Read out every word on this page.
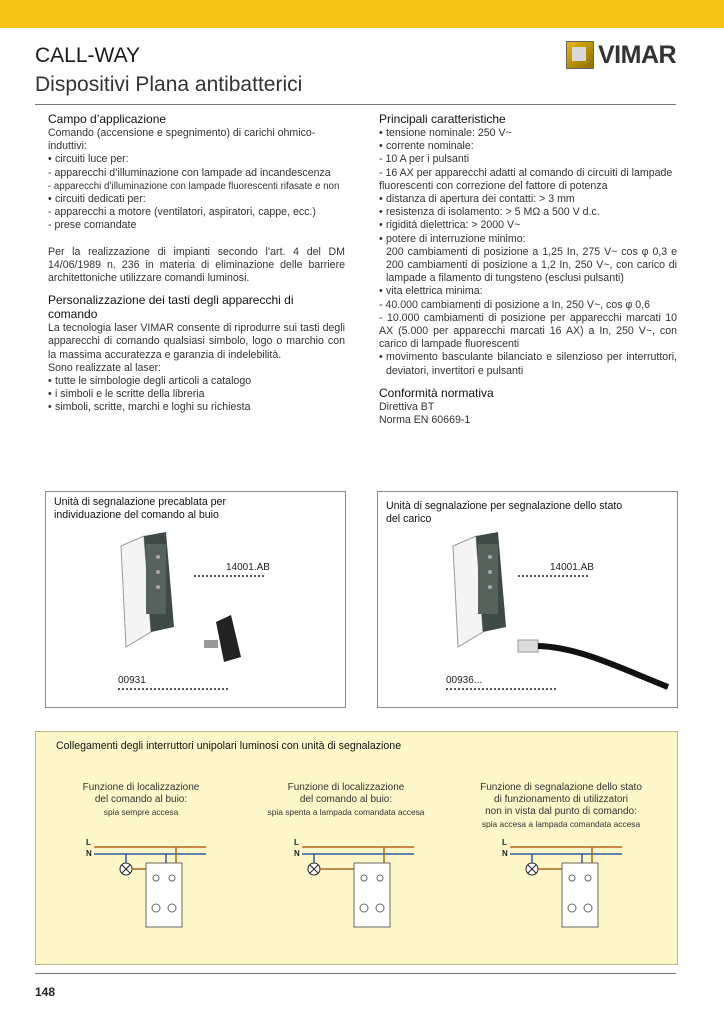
CALL-WAY
Dispositivi Plana antibatterici
VIMAR
Campo d’applicazione

Comando (accensione e spegnimento) di carichi ohmico-induttivi:

• circuiti luce per:

- apparecchi d’illuminazione con lampade ad incandescenza

- apparecchi d’illuminazione con lampade fluorescenti rifasate e non

• circuiti dedicati per:

- apparecchi a motore (ventilatori, aspiratori, cappe, ecc.)

- prese comandate

Per la realizzazione di impianti secondo l’art. 4 del DM 14/06/1989 n. 236 in materia di eliminazione delle barriere architettoniche utilizzare comandi luminosi.

Personalizzazione dei tasti degli apparecchi di comando

La tecnologia laser VIMAR consente di riprodurre sui tasti degli apparecchi di comando qualsiasi simbolo, logo o marchio con la massima accuratezza e garanzia di indelebilità.

Sono realizzate al laser:

• tutte le simbologie degli articoli a catalogo
• i simboli e le scritte della libreria
• simboli, scritte, marchi e loghi su richiesta
Principali caratteristiche
• tensione nominale: 250 V~
• corrente nominale:

- 10 A per i pulsanti

- 16 AX per apparecchi adatti al comando di circuiti di lampade fluorescenti con correzione del fattore di potenza

• distanza di apertura dei contatti: > 3 mm
• resistenza di isolamento: > 5 MΩ a 500 V d.c.
• rigidità dielettrica: > 2000 V~
• potere di interruzione minimo:

200 cambiamenti di posizione a 1,25 In, 275 V~ cos φ 0,3 e 200 cambiamenti di posizione a 1,2 In, 250 V~, con carico di lampade a filamento di tungsteno (esclusi pulsanti)

• vita elettrica minima:

- 40.000 cambiamenti di posizione a In, 250 V~, cos φ 0,6

- 10.000 cambiamenti di posizione per apparecchi marcati 10 AX (5.000 per apparecchi marcati 16 AX) a In, 250 V~, con carico di lampade fluorescenti

• movimento basculante bilanciato e silenzioso per interruttori, deviatori, invertitori e pulsanti
Conformità normativa

Direttiva BT

Norma EN 60669-1

Unità di segnalazione precablata per individuazione del comando al buio
14001.AB
00931
Unità di segnalazione per segnalazione dello stato del carico
14001.AB
00936...
Collegamenti degli interruttori unipolari luminosi con unità di segnalazione
Funzione di localizzazione
del comando al buio:
spia sempre accesa
Funzione di localizzazione
del comando al buio:
spia spenta a lampada comandata accesa
Funzione di segnalazione dello stato
di funzionamento di utilizzatori
non in vista dal punto di comando:
spia accesa a lampada comandata accesa
L
N
L
N
L
N
148
